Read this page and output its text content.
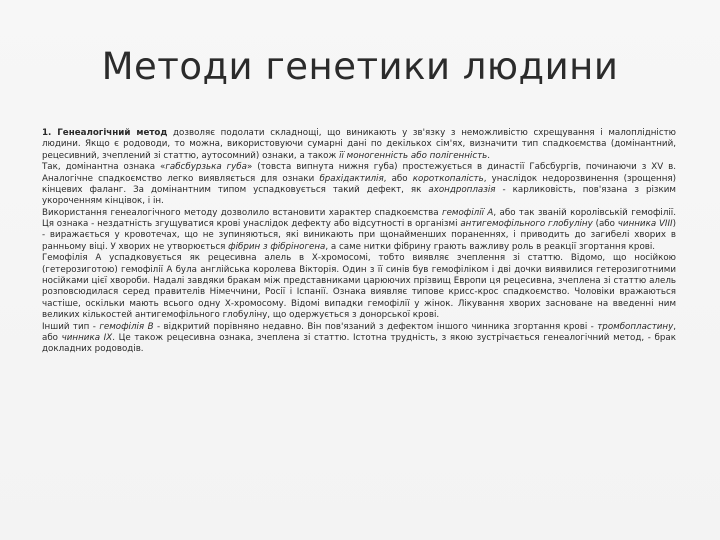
Методи генетики людини

1. Генеалогічний метод дозволяє подолати складнощі, що виникають у зв'язку з неможливістю схрещування і малоплідністю людини. Якщо є родоводи, то можна, використовуючи сумарні дані по декількох сім'ях, визначити тип спадкоємства (домінантний, рецесивний, зчеплений зі статтю, аутосомний) ознаки, а також її моногенність або полігенність.

Так, домінантна ознака «габсбурзька губа» (товста випнута нижня губа) простежується в династії Габсбургів, починаючи з XV в. Аналогічне спадкоємство легко виявляється для ознаки брахідактилія, або короткопалість, унаслідок недорозвинення (зрощення) кінцевих фаланг. За домінантним типом успадковується такий дефект, як ахондроплазія - карликовість, пов'язана з різким укороченням кінцівок, і ін.

Використання генеалогічного методу дозволило встановити характер спадкоємства гемофілії А, або так званій королівській гемофілії. Ця ознака - нездатність згущуватися крові унаслідок дефекту або відсутності в організмі антигемофільного глобуліну (або чинника VIII) - виражається у кровотечах, що не зупиняються, які виникають при щонайменших пораненнях, і приводить до загибелі хворих в ранньому віці. У хворих не утворюється фібрин з фібріногена, а саме нитки фібрину грають важливу роль в реакції згортання крові.

Гемофілія А успадковується як рецесивна алель в Х-хромосомі, тобто виявляє зчеплення зі статтю. Відомо, що носійкою (гетерозиготою) гемофілії А була англійська королева Вікторія. Один з її синів був гемофіліком і дві дочки виявилися гетерозиготними носійками цієї хвороби. Надалі завдяки бракам між представниками царюючих прізвищ Европи ця рецесивна, зчеплена зі статтю алель розповсюдилася серед правителів Німеччини, Росії і Іспанії. Ознака виявляє типове крисс-крос спадкоємство. Чоловіки вражаються частіше, оскільки мають всього одну Х-хромосому. Відомі випадки гемофілії у жінок. Лікування хворих засноване на введенні ним великих кількостей антигемофільного глобуліну, що одержується з донорської крові.

Інший тип - гемофілія В - відкритий порівняно недавно. Він пов'язаний з дефектом іншого чинника згортання крові - тромбопластину, або чинника IX. Це також рецесивна ознака, зчеплена зі статтю. Істотна трудність, з якою зустрічається генеалогічний метод, - брак докладних родоводів.
